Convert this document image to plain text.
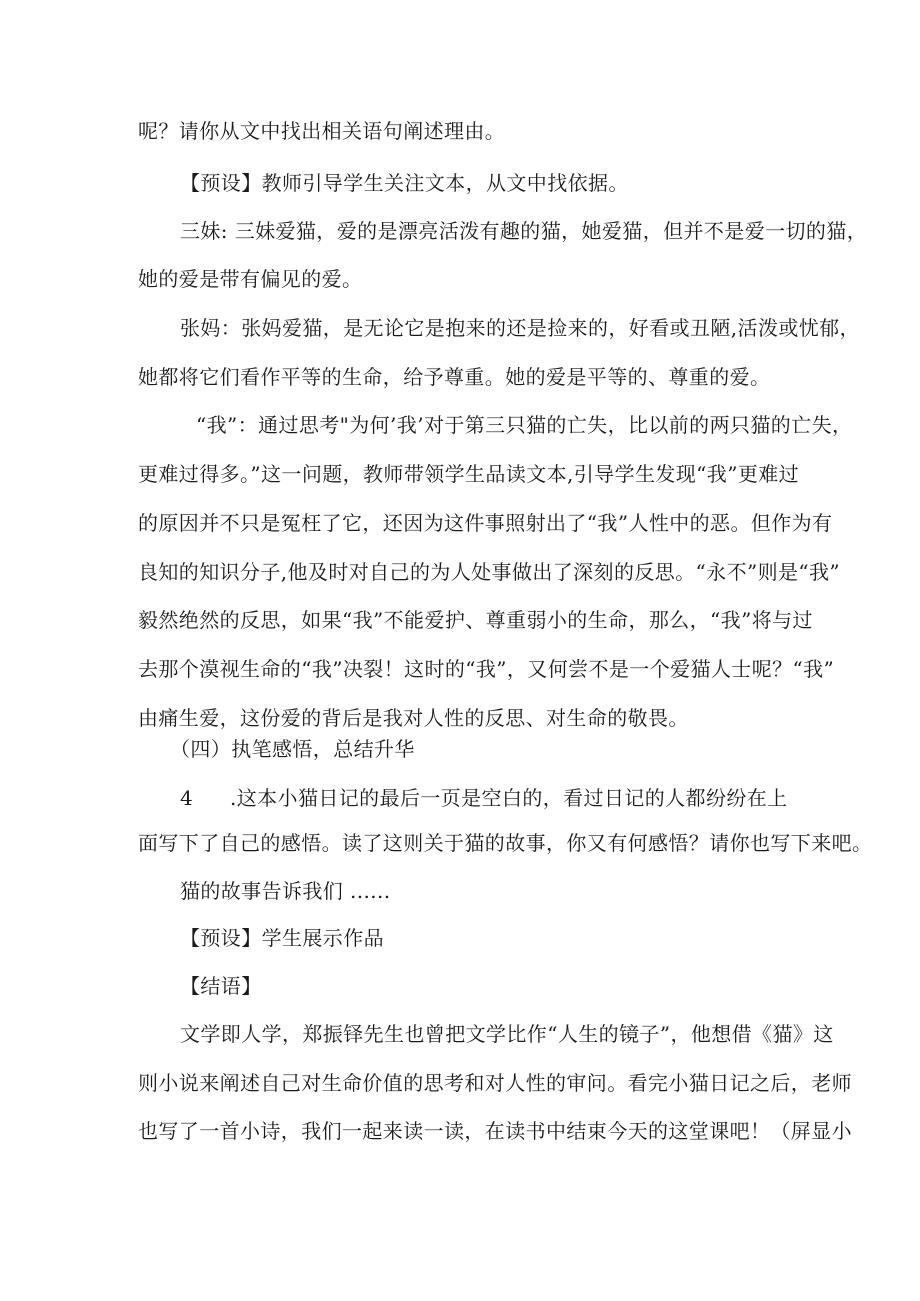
呢？请你从文中找出相关语句阐述理由。
【预设】教师引导学生关注文本，从文中找依据。
三妹: 三妹爱猫，爱的是漂亮活泼有趣的猫，她爱猫，但并不是爱一切的猫，
她的爱是带有偏见的爱。
张妈：张妈爱猫，是无论它是抱来的还是捡来的，好看或丑陋,活泼或忧郁，
她都将它们看作平等的生命，给予尊重。她的爱是平等的、尊重的爱。
“我”：通过思考"为何’我’对于第三只猫的亡失，比以前的两只猫的亡失，
更难过得多。”这一问题，教师带领学生品读文本,引导学生发现“我”更难过
的原因并不只是冤枉了它，还因为这件事照射出了“我”人性中的恶。但作为有
良知的知识分子,他及时对自己的为人处事做出了深刻的反思。“永不”则是“我”
毅然绝然的反思，如果“我”不能爱护、尊重弱小的生命，那么，“我”将与过
去那个漠视生命的“我”决裂！这时的“我”，又何尝不是一个爱猫人士呢？“我”
由痛生爱，这份爱的背后是我对人性的反思、对生命的敬畏。
（四）执笔感悟，总结升华
4 .这本小猫日记的最后一页是空白的，看过日记的人都纷纷在上
面写下了自己的感悟。读了这则关于猫的故事，你又有何感悟？请你也写下来吧。
猫的故事告诉我们 ......
【预设】学生展示作品
【结语】
文学即人学，郑振铎先生也曾把文学比作“人生的镜子”，他想借《猫》这
则小说来阐述自己对生命价值的思考和对人性的审问。看完小猫日记之后，老师
也写了一首小诗，我们一起来读一读，在读书中结束今天的这堂课吧！（屏显小
